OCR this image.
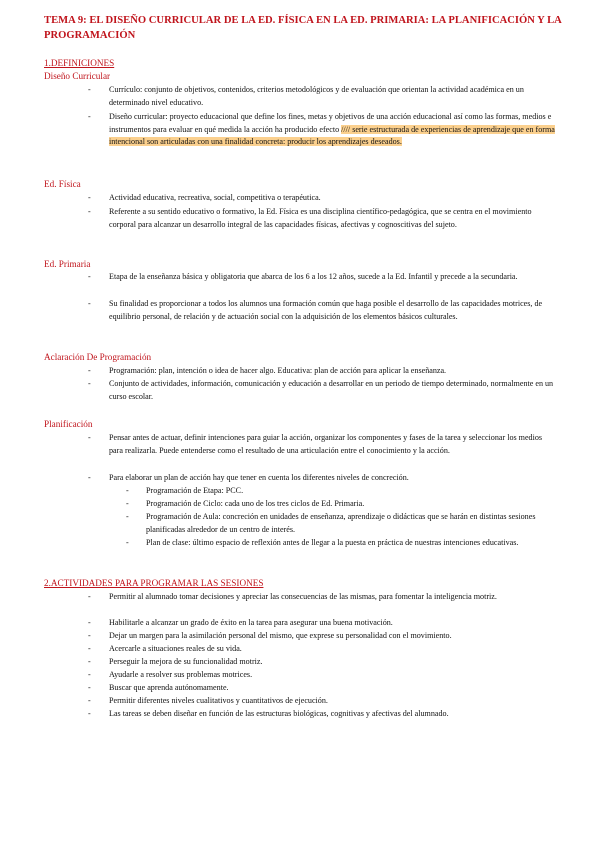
TEMA 9: EL DISEÑO CURRICULAR DE LA ED. FÍSICA EN LA ED. PRIMARIA: LA PLANIFICACIÓN Y LA PROGRAMACIÓN
1.DEFINICIONES
Diseño Curricular
- Currículo: conjunto de objetivos, contenidos, criterios metodológicos y de evaluación que orientan la actividad académica en un determinado nivel educativo.
- Diseño curricular: proyecto educacional que define los fines, metas y objetivos de una acción educacional así como las formas, medios e instrumentos para evaluar en qué medida la acción ha producido efecto //// serie estructurada de experiencias de aprendizaje que en forma intencional son articuladas con una finalidad concreta: producir los aprendizajes deseados.
Ed. Física
- Actividad educativa, recreativa, social, competitiva o terapéutica.
- Referente a su sentido educativo o formativo, la Ed. Física es una disciplina científico-pedagógica, que se centra en el movimiento corporal para alcanzar un desarrollo integral de las capacidades físicas, afectivas y cognoscitivas del sujeto.
Ed. Primaria
- Etapa de la enseñanza básica y obligatoria que abarca de los 6 a los 12 años, sucede a la Ed. Infantil y precede a la secundaria.
- Su finalidad es proporcionar a todos los alumnos una formación común que haga posible el desarrollo de las capacidades motrices, de equilibrio personal, de relación y de actuación social con la adquisición de los elementos básicos culturales.
Aclaración De Programación
- Programación: plan, intención o idea de hacer algo. Educativa: plan de acción para aplicar la enseñanza.
- Conjunto de actividades, información, comunicación y educación a desarrollar en un periodo de tiempo determinado, normalmente en un curso escolar.
Planificación
- Pensar antes de actuar, definir intenciones para guiar la acción, organizar los componentes y fases de la tarea y seleccionar los medios para realizarla. Puede entenderse como el resultado de una articulación entre el conocimiento y la acción.
- Para elaborar un plan de acción hay que tener en cuenta los diferentes niveles de concreción.
- Programación de Etapa: PCC.
- Programación de Ciclo: cada uno de los tres ciclos de Ed. Primaria.
- Programación de Aula: concreción en unidades de enseñanza, aprendizaje o didácticas que se harán en distintas sesiones planificadas alrededor de un centro de interés.
- Plan de clase: último espacio de reflexión antes de llegar a la puesta en práctica de nuestras intenciones educativas.
2.ACTIVIDADES PARA PROGRAMAR LAS SESIONES
- Permitir al alumnado tomar decisiones y apreciar las consecuencias de las mismas, para fomentar la inteligencia motriz.
- Habilitarle a alcanzar un grado de éxito en la tarea para asegurar una buena motivación.
- Dejar un margen para la asimilación personal del mismo, que exprese su personalidad con el movimiento.
- Acercarle a situaciones reales de su vida.
- Perseguir la mejora de su funcionalidad motriz.
- Ayudarle a resolver sus problemas motrices.
- Buscar que aprenda autónomamente.
- Permitir diferentes niveles cualitativos y cuantitativos de ejecución.
- Las tareas se deben diseñar en función de las estructuras biológicas, cognitivas y afectivas del alumnado.
